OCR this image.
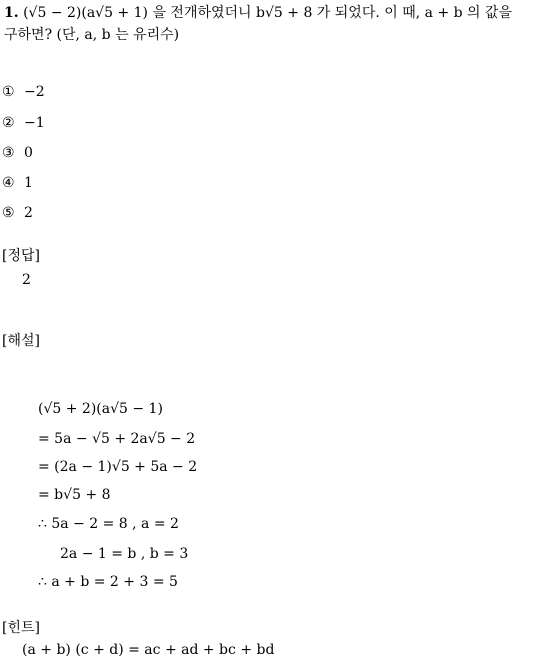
1. (√5 − 2)(a√5 + 1) 을 전개하였더니 b√5 + 8 가 되었다. 이 때, a + b 의 값을
구하면? (단, a, b 는 유리수)
① −2
② −1
③ 0
④ 1
⑤ 2
[정답]
2
[해설]
(√5 + 2)(a√5 − 1)
= 5a − √5 + 2a√5 − 2
= (2a − 1)√5 + 5a − 2
= b√5 + 8
∴ 5a − 2 = 8 , a = 2
2a − 1 = b , b = 3
∴ a + b = 2 + 3 = 5
[힌트]
(a + b) (c + d) = ac + ad + bc + bd
